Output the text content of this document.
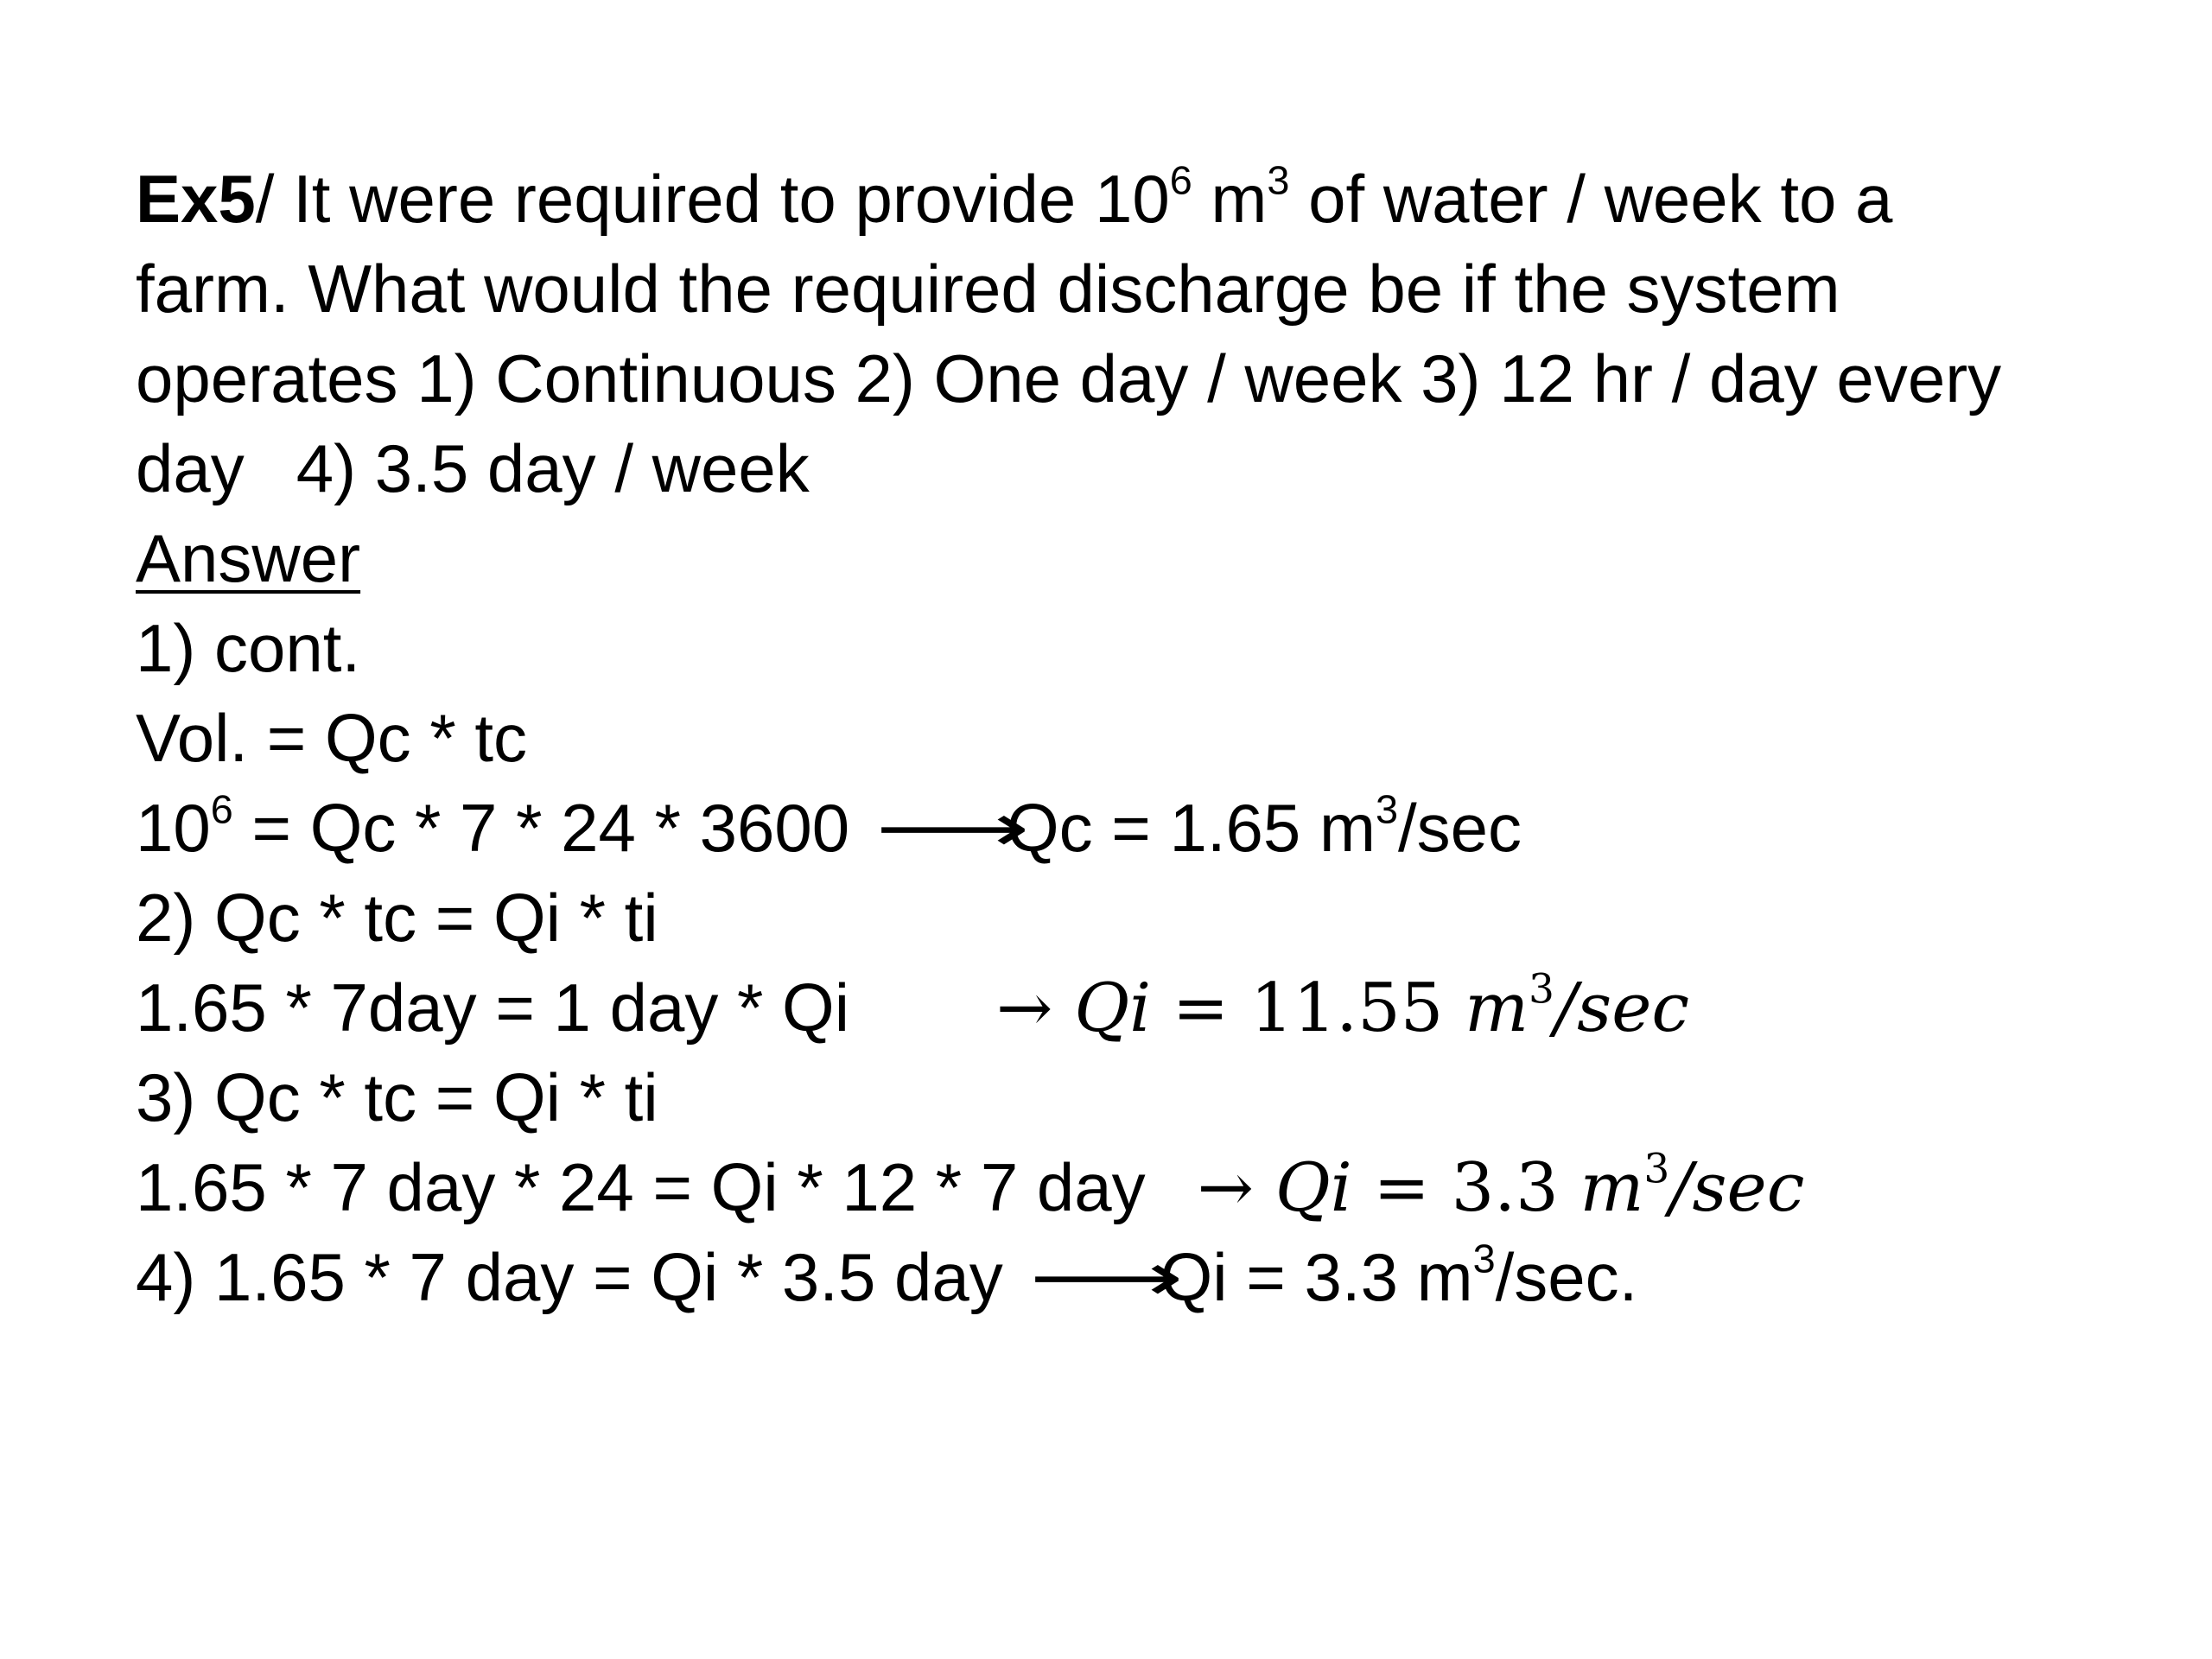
Ex5/ It were required to provide $10^6$ $m^3$ of water / week to a
farm. What would the required discharge be if the system
operates 1) Continuous 2) One day / week 3) 12 hr / day every
day 4) 3.5 day / week
Answer
1) cont.
Vol. = Qc * tc
$10^6 = Qc * 7 * 24 * 3600$ ⟶Qc = 1.65 $m^3/\sec$
2) Qc * tc = Qi * ti
1.65 * 7day = 1 day * Qi → Qi = 11.55 $m^3/\sec$
3) Qc * tc = Qi * ti
1.65 * 7 day * 24 = Qi * 12 * 7 day → Qi = 3.3 $m^3/\sec$
4) 1.65 * 7 day = Qi * 3.5 day ⟶Qi = 3.3 $m^3/\sec$.
